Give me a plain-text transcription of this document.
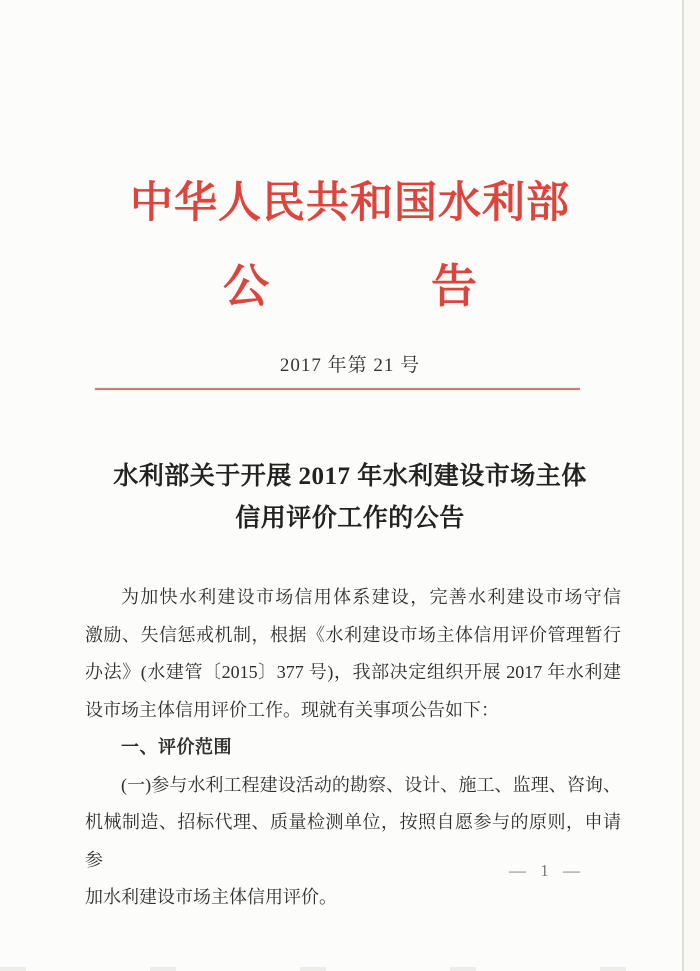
中华人民共和国水利部
公	告
2017 年第 21 号
水利部关于开展 2017 年水利建设市场主体
信用评价工作的公告
为加快水利建设市场信用体系建设，完善水利建设市场守信
激励、失信惩戒机制，根据《水利建设市场主体信用评价管理暂行
办法》(水建管〔2015〕377 号)，我部决定组织开展 2017 年水利建
设市场主体信用评价工作。现就有关事项公告如下：
一、评价范围
(一)参与水利工程建设活动的勘察、设计、施工、监理、咨询、
机械制造、招标代理、质量检测单位，按照自愿参与的原则，申请参
加水利建设市场主体信用评价。
— 1 —
